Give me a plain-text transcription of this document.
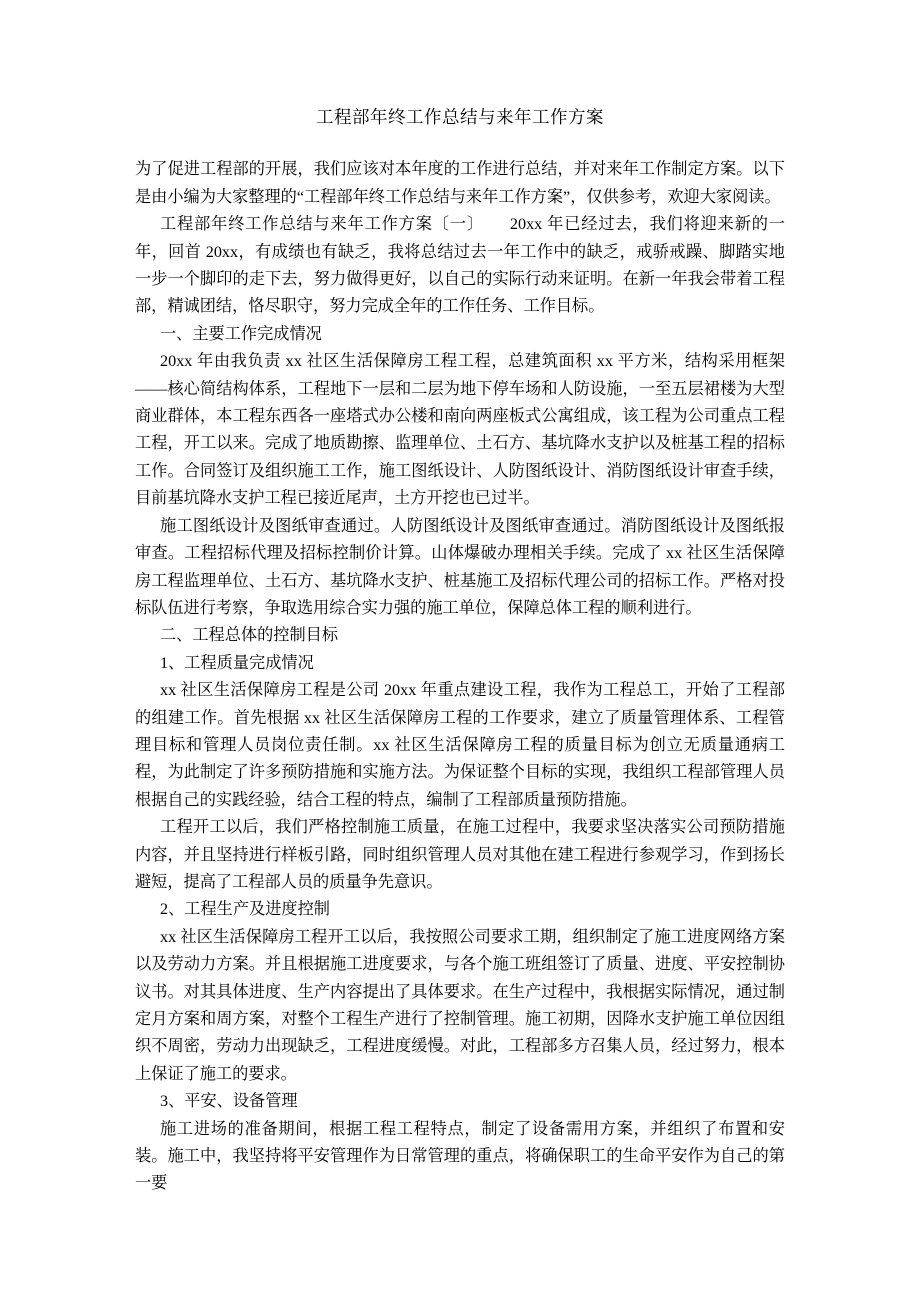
工程部年终工作总结与来年工作方案

为了促进工程部的开展，我们应该对本年度的工作进行总结，并对来年工作制定方案。以下是由小编为大家整理的“工程部年终工作总结与来年工作方案”，仅供参考，欢迎大家阅读。

工程部年终工作总结与来年工作方案〔一〕　　20xx 年已经过去，我们将迎来新的一年，回首 20xx，有成绩也有缺乏，我将总结过去一年工作中的缺乏，戒骄戒躁、脚踏实地一步一个脚印的走下去，努力做得更好，以自己的实际行动来证明。在新一年我会带着工程部，精诚团结，恪尽职守，努力完成全年的工作任务、工作目标。

一、主要工作完成情况

20xx 年由我负责 xx 社区生活保障房工程工程，总建筑面积 xx 平方米，结构采用框架——核心简结构体系，工程地下一层和二层为地下停车场和人防设施，一至五层裙楼为大型商业群体，本工程东西各一座塔式办公楼和南向两座板式公寓组成，该工程为公司重点工程工程，开工以来。完成了地质勘擦、监理单位、土石方、基坑降水支护以及桩基工程的招标工作。合同签订及组织施工工作，施工图纸设计、人防图纸设计、消防图纸设计审查手续，目前基坑降水支护工程已接近尾声，土方开挖也已过半。

施工图纸设计及图纸审查通过。人防图纸设计及图纸审查通过。消防图纸设计及图纸报审查。工程招标代理及招标控制价计算。山体爆破办理相关手续。完成了 xx 社区生活保障房工程监理单位、土石方、基坑降水支护、桩基施工及招标代理公司的招标工作。严格对投标队伍进行考察，争取选用综合实力强的施工单位，保障总体工程的顺利进行。

二、工程总体的控制目标

1、工程质量完成情况

xx 社区生活保障房工程是公司 20xx 年重点建设工程，我作为工程总工，开始了工程部的组建工作。首先根据 xx 社区生活保障房工程的工作要求，建立了质量管理体系、工程管理目标和管理人员岗位责任制。xx 社区生活保障房工程的质量目标为创立无质量通病工程，为此制定了许多预防措施和实施方法。为保证整个目标的实现，我组织工程部管理人员根据自己的实践经验，结合工程的特点，编制了工程部质量预防措施。

工程开工以后，我们严格控制施工质量，在施工过程中，我要求坚决落实公司预防措施内容，并且坚持进行样板引路，同时组织管理人员对其他在建工程进行参观学习，作到扬长避短，提高了工程部人员的质量争先意识。

2、工程生产及进度控制

xx 社区生活保障房工程开工以后，我按照公司要求工期，组织制定了施工进度网络方案以及劳动力方案。并且根据施工进度要求，与各个施工班组签订了质量、进度、平安控制协议书。对其具体进度、生产内容提出了具体要求。在生产过程中，我根据实际情况，通过制定月方案和周方案，对整个工程生产进行了控制管理。施工初期，因降水支护施工单位因组织不周密，劳动力出现缺乏，工程进度缓慢。对此，工程部多方召集人员，经过努力，根本上保证了施工的要求。

3、平安、设备管理

施工进场的准备期间，根据工程工程特点，制定了设备需用方案，并组织了布置和安装。施工中，我坚持将平安管理作为日常管理的重点，将确保职工的生命平安作为自己的第一要
